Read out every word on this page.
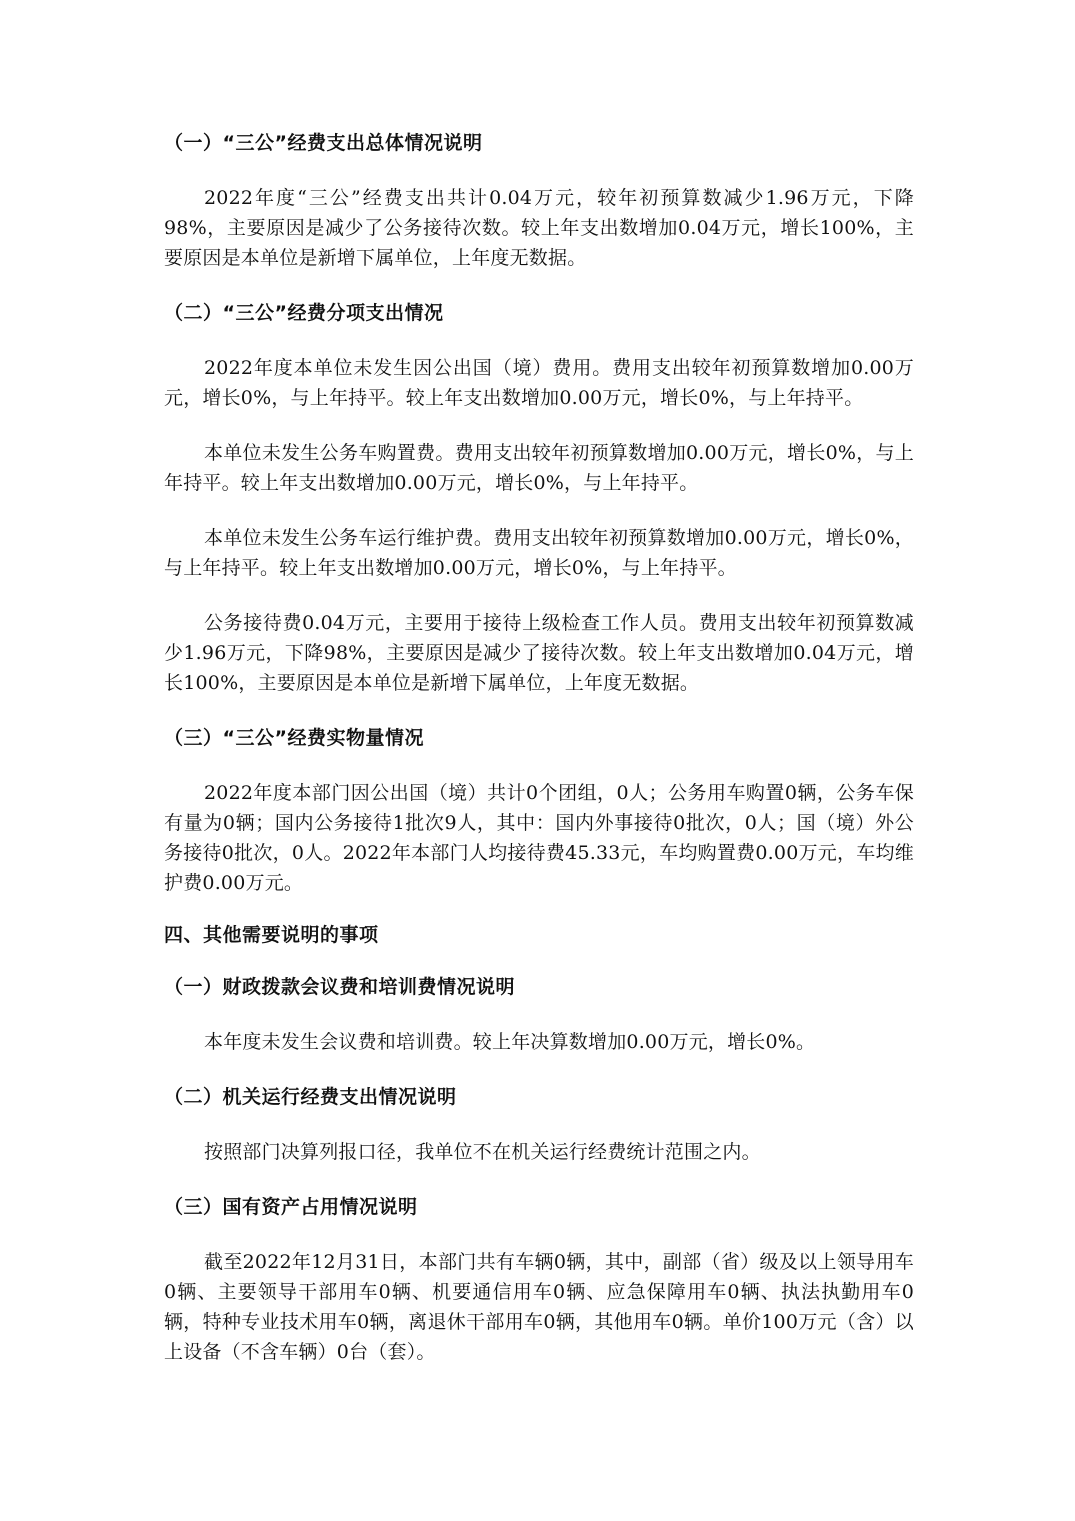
（一）“三公”经费支出总体情况说明

2022年度“三公”经费支出共计0.04万元，较年初预算数减少1.96万元，下降98%，主要原因是减少了公务接待次数。较上年支出数增加0.04万元，增长100%，主要原因是本单位是新增下属单位，上年度无数据。

（二）“三公”经费分项支出情况

2022年度本单位未发生因公出国（境）费用。费用支出较年初预算数增加0.00万元，增长0%，与上年持平。较上年支出数增加0.00万元，增长0%，与上年持平。

本单位未发生公务车购置费。费用支出较年初预算数增加0.00万元，增长0%，与上年持平。较上年支出数增加0.00万元，增长0%，与上年持平。

本单位未发生公务车运行维护费。费用支出较年初预算数增加0.00万元，增长0%，与上年持平。较上年支出数增加0.00万元，增长0%，与上年持平。

公务接待费0.04万元，主要用于接待上级检查工作人员。费用支出较年初预算数减少1.96万元，下降98%，主要原因是减少了接待次数。较上年支出数增加0.04万元，增长100%，主要原因是本单位是新增下属单位，上年度无数据。

（三）“三公”经费实物量情况

2022年度本部门因公出国（境）共计0个团组，0人；公务用车购置0辆，公务车保有量为0辆；国内公务接待1批次9人，其中：国内外事接待0批次，0人；国（境）外公务接待0批次，0人。2022年本部门人均接待费45.33元，车均购置费0.00万元，车均维护费0.00万元。

四、其他需要说明的事项

（一）财政拨款会议费和培训费情况说明

本年度未发生会议费和培训费。较上年决算数增加0.00万元，增长0%。

（二）机关运行经费支出情况说明

按照部门决算列报口径，我单位不在机关运行经费统计范围之内。

（三）国有资产占用情况说明

截至2022年12月31日，本部门共有车辆0辆，其中，副部（省）级及以上领导用车0辆、主要领导干部用车0辆、机要通信用车0辆、应急保障用车0辆、执法执勤用车0辆，特种专业技术用车0辆，离退休干部用车0辆，其他用车0辆。单价100万元（含）以上设备（不含车辆）0台（套）。
